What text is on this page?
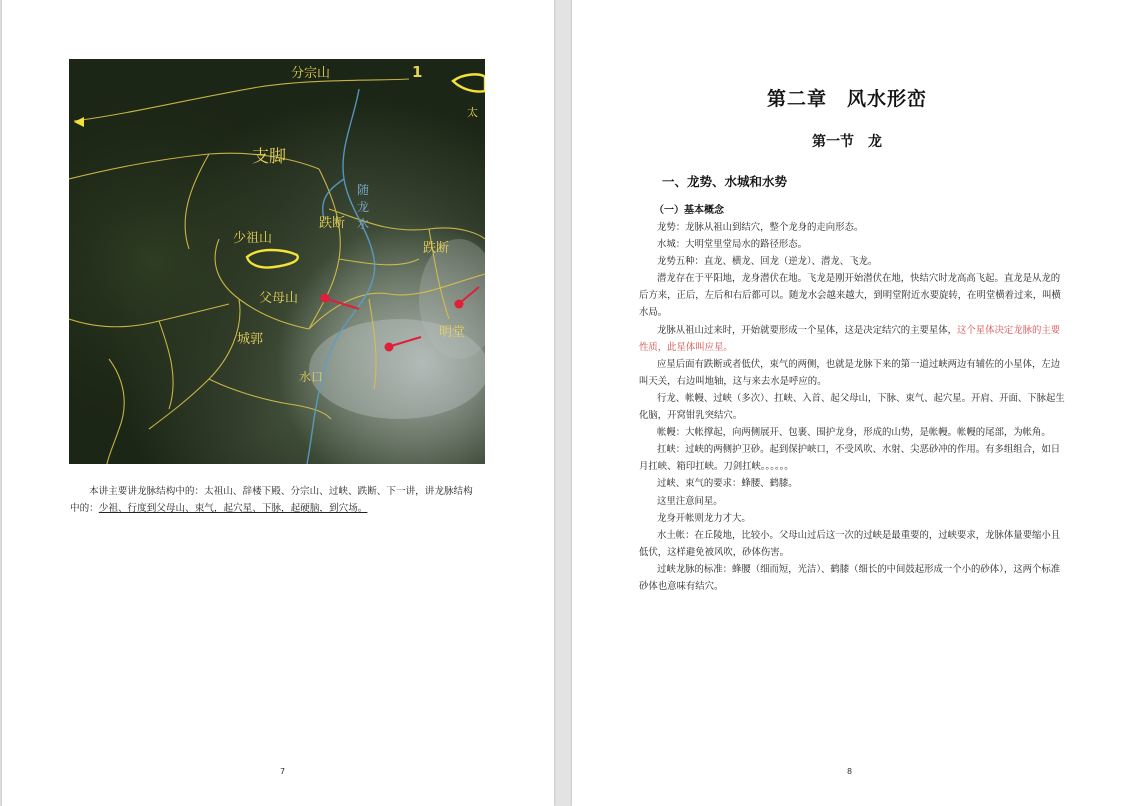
分宗山	1
太
支脚
随
龙
水
跌断
跌断
少祖山
父母山
城郭	明堂
水口
本讲主要讲龙脉结构中的：太祖山、辞楼下殿、分宗山、过峡、跌断、下一讲，讲龙脉结构
中的：少祖、行度到父母山、束气，起穴星、下脉，起硬脑，到穴场。
7
第二章　风水形峦
第一节　龙
一、龙势、水城和水势
（一）基本概念

龙势：龙脉从祖山到结穴，整个龙身的走向形态。

水城：大明堂里堂局水的路径形态。

龙势五种：直龙、横龙、回龙（逆龙）、潜龙、飞龙。

潜龙存在于平阳地，龙身潜伏在地。飞龙是刚开始潜伏在地，快结穴时龙高高飞起。直龙是从龙的后方来，正后，左后和右后都可以。随龙水会越来越大，到明堂附近水要旋转，在明堂横着过来，叫横水局。

龙脉从祖山过来时，开始就要形成一个星体，这是决定结穴的主要星体，这个星体决定龙脉的主要性质，此星体叫应星。

应星后面有跌断或者低伏，束气的两侧，也就是龙脉下来的第一道过峡两边有辅佐的小星体，左边叫天关，右边叫地轴，这与来去水是呼应的。

行龙、帐幔、过峡（多次）、扛峡、入首、起父母山，下脉、束气、起穴星。开肩、开面、下脉起生化脑，开窝钳乳突结穴。

帐幔：大帐撑起，向两侧展开、包裹、围护龙身，形成的山势，是帐幔。帐幔的尾部，为帐角。

扛峡：过峡的两侧护卫砂。起到保护峡口，不受风吹、水射、尖恶砂冲的作用。有多组组合，如日月扛峡、箱印扛峡。刀剑扛峡。。。。。。

过峡、束气的要求：蜂腰、鹤膝。

这里注意间星。

龙身开帐则龙力才大。

水土帐：在丘陵地，比较小。父母山过后这一次的过峡是最重要的，过峡要求，龙脉体量要缩小且低伏，这样避免被风吹，砂体伤害。

过峡龙脉的标准：蜂腰（细而短，光洁）、鹤膝（细长的中间鼓起形成一个小的砂体），这两个标准砂体也意味有结穴。

8
